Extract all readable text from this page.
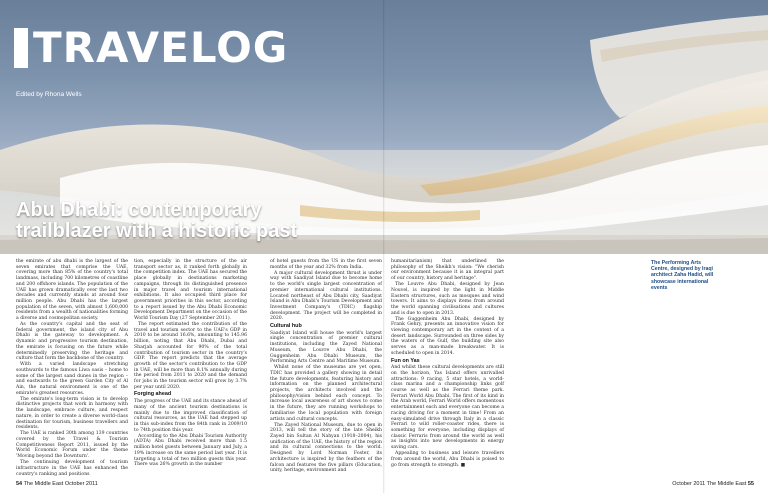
TRAVELOG
Edited by Rhona Wells
Abu Dhabi: contemporary trailblazer with a historic past

the emirate of abu dhabi is the largest of the seven emirates that comprise the UAE, covering more than 85% of the country's total landmass, including 700 kilometres of coastline and 200 offshore islands. The population of the UAE has grown dramatically over the last two decades and currently stands at around four million people. Abu Dhabi has the largest population of the seven, with almost 1,600,000 residents from a wealth of nationalities forming a diverse and cosmopolitan society.

As the country's capital and the seat of federal government, the island city of Abu Dhabi is the gateway to development. A dynamic and progressive tourism destination, the emirate is focusing on the future while determinedly preserving the heritage and culture that form the backbone of the country.

With a varied landscape stretching southwards to the famous Liwa oasis – home to some of the largest sand dunes in the region – and eastwards to the green Garden City of Al Ain, the natural environment is one of the emirate's greatest resources.

The emirate's long-term vision is to develop distinctive projects that work in harmony with the landscape, embrace culture, and respect nature, in order to create a diverse world-class destination for tourism, business travellers and residents.

The UAE is ranked 30th among 139 countries covered by the Travel & Tourism Competitiveness Report 2011, issued by the World Economic Forum under the theme 'Moving beyond the Downturn'.

The continuing development of tourism infrastructure in the UAE has enhanced the country's ranking and positions

tion, especially in the structure of the air transport sector as, it ranked forth globally in the competition index. The UAE has secured the place globally in destinations marketing campaigns, through its distinguished presence in major travel and tourism international exhibitions. It also occupied third place for government priorities in this sector, according to a report issued by the Abu Dhabi Economic Development Department on the occasion of the World Tourism Day (27 September 2011).

The report estimated the contribution of the travel and tourism sector to the UAE's GDP in 2010 to be around 16.6%, amounting to 145.96 billion, noting that Abu Dhabi, Dubai and Sharjah accounted for 90% of the total contribution of tourism sector in the country's GDP. The report predicts that the average growth of the sector's contribution to the GDP in UAE, will be more than 8.1% annually during the period from 2011 to 2020 and the demand for jobs in the tourism sector will grow by 3.7% per year until 2020.

Forging ahead

The progress of the UAE and its stance ahead of many of the ancient tourism destinations is mainly due to the improved classification of cultural resources, as the UAE had stepped up in this sub-index from the 84th rank in 2009/10 to 74th position this year.

According to the Abu Dhabi Tourism Authority (ADTA) Abu Dhabi received more than 1.5 million hotel guests between January and July, a 19% increase on the same period last year. It is targeting a total of two million guests this year. There was 26% growth in the number

of hotel guests from the US in the first seven months of the year and 32% from India.

A major cultural development thrust is under way with Saadiyat Island due to become home to the world's single largest concentration of premier international cultural institutions. Located northeast of Abu Dhabi city, Saadiyat Island is Abu Dhabi's Tourism Development and Investment Company's (TDIC) flagship development. The project will be completed in 2020.

Cultural hub

Saadiyat Island will house the world's largest single concentration of premier cultural institutions, including the Zayed National Museum, the Louvre Abu Dhabi, the Guggenheim Abu Dhabi Museum, the Performing Arts Centre and Maritime Museum.

Whilst none of the museums are yet open, TDIC has provided a gallery showing in detail the future developments, featuring history and information on the planned architectural projects, the architects involved and the philosophy/vision behind each concept. To increase local awareness of art shows to come in the future, they are running workshops to familiarise the local population with foreign artists and cultural concepts.

The Zayed National Museum, due to open in 2013, will tell the story of the late Sheikh Zayed bin Sultan Al Nahyan (1918–2004), his unification of the UAE, the history of the region and its cultural connections to the world. Designed by Lord Norman Foster, its architecture is inspired by the feathers of the falcon and features the five pillars (Education, unity, heritage, environment and

humanitarianism) that underlined the philosophy of the Sheikh's vision: "We cherish our environment because it is an integral part of our country, history and heritage".

The Louvre Abu Dhabi, designed by Jean Nouvel, is inspired by the light in Middle Eastern structures, such as mosques and wind towers. It aims to displays items from around the world spanning civilisations and cultures and is due to open in 2013.

The Guggenheim Abu Dhabi, designed by Frank Gehry, presents an innovative vision for viewing contemporary art in the context of a desert landscape. Surrounded on three sides by the waters of the Gulf, the building site also serves as a man-made breakwater. It is scheduled to open in 2014.

Fun on Yas

And whilst these cultural developments are still on the horizon, Yas Island offers unrivalled attractions: 9 racing, 5 star hotels, a world-class marina and a championship links golf course as well as the Ferrari theme park. Ferrari World Abu Dhabi. The first of its kind in the Arab world, Ferrari World offers momentous entertainment each and everyone can become a racing driving for a moment in time! From an easy-simulated drive through Italy in a classic Ferrari to wild roller-coaster rides, there is something for everyone, including displays of classic Ferraris from around the world as well as insights into new developments in energy saving cars.

Appealing to business and leisure travellers from around the world, Abu Dhabi is poised to go from strength to strength. ■

The Performing Arts Centre, designed by Iraqi architect Zaha Hadid, will showcase international events
54 The Middle East October 2011	October 2011 The Middle East 55
